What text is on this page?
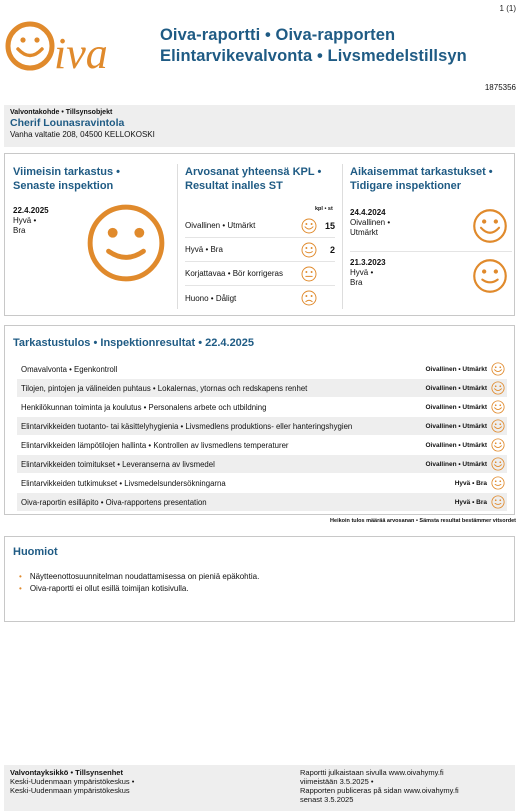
1 (1)
iva	Oiva-raportti • Oiva-rapporten
Elintarvikevalvonta • Livsmedelstillsyn
1875356
Valvontakohde • Tillsynsobjekt
Cherif Lounasravintola
Vanha valtatie 208, 04500 KELLOKOSKI
Viimeisin tarkastus •
Senaste inspektion
22.4.2025
Hyvä •
Bra
Arvosanat yhteensä KPL •
Resultat inalles ST
kpl • st
Oivallinen • Utmärkt	15
Hyvä • Bra	2
Korjattavaa • Bör korrigeras
Huono • Dåligt
Aikaisemmat tarkastukset •
Tidigare inspektioner
24.4.2024
Oivallinen •
Utmärkt
21.3.2023
Hyvä •
Bra
Tarkastustulos • Inspektionresultat • 22.4.2025
Omavalvonta • Egenkontroll	Oivallinen • Utmärkt
Tilojen, pintojen ja välineiden puhtaus • Lokalernas, ytornas och redskapens renhet	Oivallinen • Utmärkt
Henkilökunnan toiminta ja koulutus • Personalens arbete och utbildning	Oivallinen • Utmärkt
Elintarvikkeiden tuotanto- tai käsittelyhygienia • Livsmedlens produktions- eller hanteringshygien	Oivallinen • Utmärkt
Elintarvikkeiden lämpötilojen hallinta • Kontrollen av livsmedlens temperaturer	Oivallinen • Utmärkt
Elintarvikkeiden toimitukset • Leveranserna av livsmedel	Oivallinen • Utmärkt
Elintarvikkeiden tutkimukset • Livsmedelsundersökningarna	Hyvä • Bra
Oiva-raportin esilläpito • Oiva-rapportens presentation	Hyvä • Bra
Heikoin tulos määrää arvosanan • Sämsta resultat bestämmer vitsordet
Huomiot
• Näytteenottosuunnitelman noudattamisessa on pieniä epäkohtia.
• Oiva-raportti ei ollut esillä toimijan kotisivulla.
Valvontayksikkö • Tillsynsenhet
Keski-Uudenmaan ympäristökeskus •
Keski-Uudenmaan ympäristökeskus
Raportti julkaistaan sivulla www.oivahymy.fi
viimeistään 3.5.2025 •
Rapporten publiceras på sidan www.oivahymy.fi
senast 3.5.2025
